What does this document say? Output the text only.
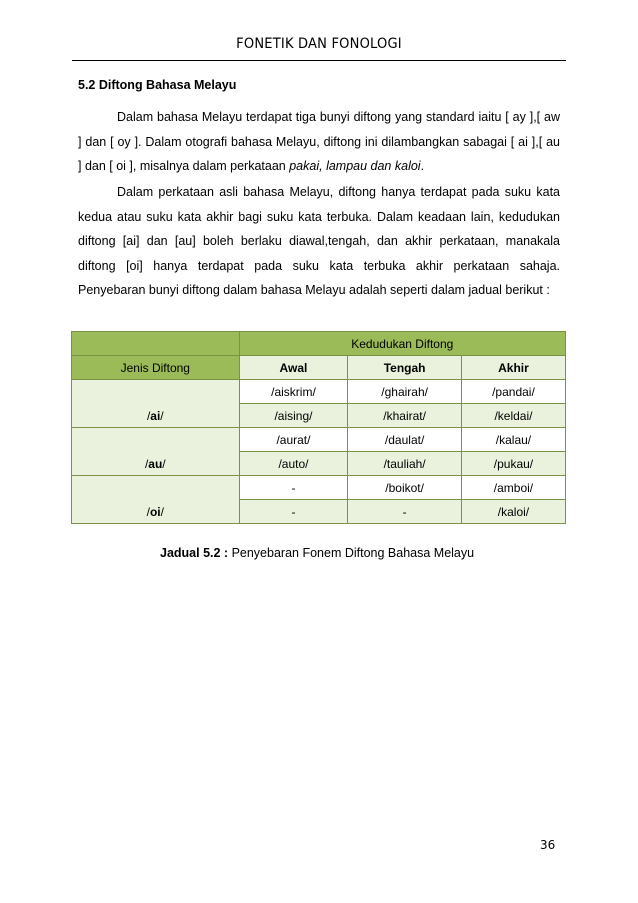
FONETIK DAN FONOLOGI
5.2 Diftong Bahasa Melayu

Dalam bahasa Melayu terdapat tiga bunyi diftong yang standard iaitu [ ay ],[ aw ] dan [ oy ]. Dalam otografi bahasa Melayu, diftong ini dilambangkan sabagai [ ai ],[ au ] dan [ oi ], misalnya dalam perkataan pakai, lampau dan kaloi.

Dalam perkataan asli bahasa Melayu, diftong hanya terdapat pada suku kata kedua atau suku kata akhir bagi suku kata terbuka. Dalam keadaan lain, kedudukan diftong [ai] dan [au] boleh berlaku diawal,tengah, dan akhir perkataan, manakala diftong [oi] hanya terdapat pada suku kata terbuka akhir perkataan sahaja. Penyebaran bunyi diftong dalam bahasa Melayu adalah seperti dalam jadual berikut :

	Kedudukan Diftong		
Jenis Diftong	Awal	Tengah	Akhir
/ai/	/aiskrim/	/ghairah/	/pandai/
	/aising/	/khairat/	/keldai/
/au/	/aurat/	/daulat/	/kalau/
	/auto/	/tauliah/	/pukau/
/oi/	-	/boikot/	/amboi/
	-	-	/kaloi/
Jadual 5.2 : Penyebaran Fonem Diftong Bahasa Melayu
36
